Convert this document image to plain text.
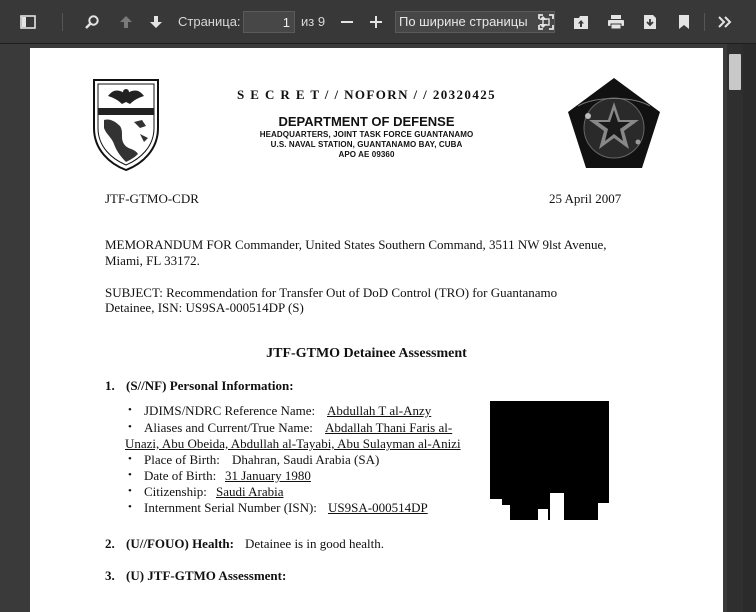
Страница:
1	из 9	По ширине страницы
S E C R E T / / NOFORN / / 20320425
DEPARTMENT OF DEFENSE
HEADQUARTERS, JOINT TASK FORCE GUANTANAMO
U.S. NAVAL STATION, GUANTANAMO BAY, CUBA
APO AE 09360
JTF-GTMO-CDR	25 April 2007
MEMORANDUM FOR Commander, United States Southern Command, 3511 NW 9lst Avenue,
Miami, FL 33172.
SUBJECT: Recommendation for Transfer Out of DoD Control (TRO) for Guantanamo
Detainee, ISN: US9SA-000514DP (S)
JTF-GTMO Detainee Assessment
1. (S//NF) Personal Information:
• JDIMS/NDRC Reference Name: Abdullah T al-Anzy
• Aliases and Current/True Name: Abdallah Thani Faris al-
Unazi, Abu Obeida, Abdullah al-Tayabi, Abu Sulayman al-Anizi
• Place of Birth: Dhahran, Saudi Arabia (SA)
• Date of Birth: 31 January 1980
• Citizenship: Saudi Arabia
• Internment Serial Number (ISN): US9SA-000514DP
2. (U//FOUO) Health: Detainee is in good health.
3. (U) JTF-GTMO Assessment:
